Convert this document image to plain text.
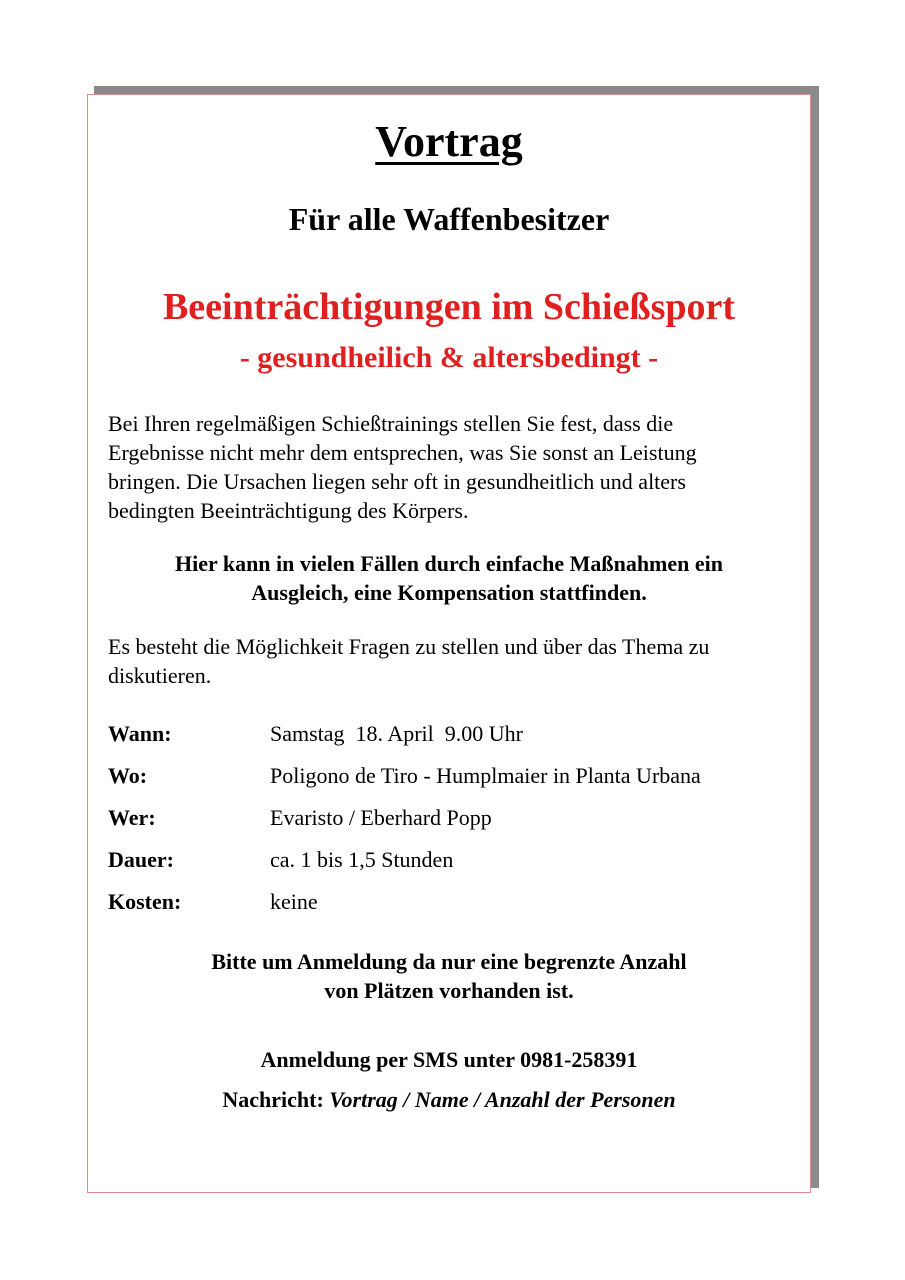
Vortrag
Für alle Waffenbesitzer
Beeinträchtigungen im Schießsport
- gesundheilich & altersbedingt -

Bei Ihren regelmäßigen Schießtrainings stellen Sie fest, dass die
Ergebnisse nicht mehr dem entsprechen, was Sie sonst an Leistung
bringen. Die Ursachen liegen sehr oft in gesundheitlich und alters
bedingten Beeinträchtigung des Körpers.

Hier kann in vielen Fällen durch einfache Maßnahmen ein
Ausgleich, eine Kompensation stattfinden.

Es besteht die Möglichkeit Fragen zu stellen und über das Thema zu
diskutieren.

Wann:	Samstag  18. April  9.00 Uhr
Wo:	Poligono de Tiro - Humplmaier in Planta Urbana
Wer:	Evaristo / Eberhard Popp
Dauer:	ca. 1 bis 1,5 Stunden
Kosten:	keine

Bitte um Anmeldung da nur eine begrenzte Anzahl
von Plätzen vorhanden ist.

Anmeldung per SMS unter 0981-258391

Nachricht: Vortrag / Name / Anzahl der Personen
